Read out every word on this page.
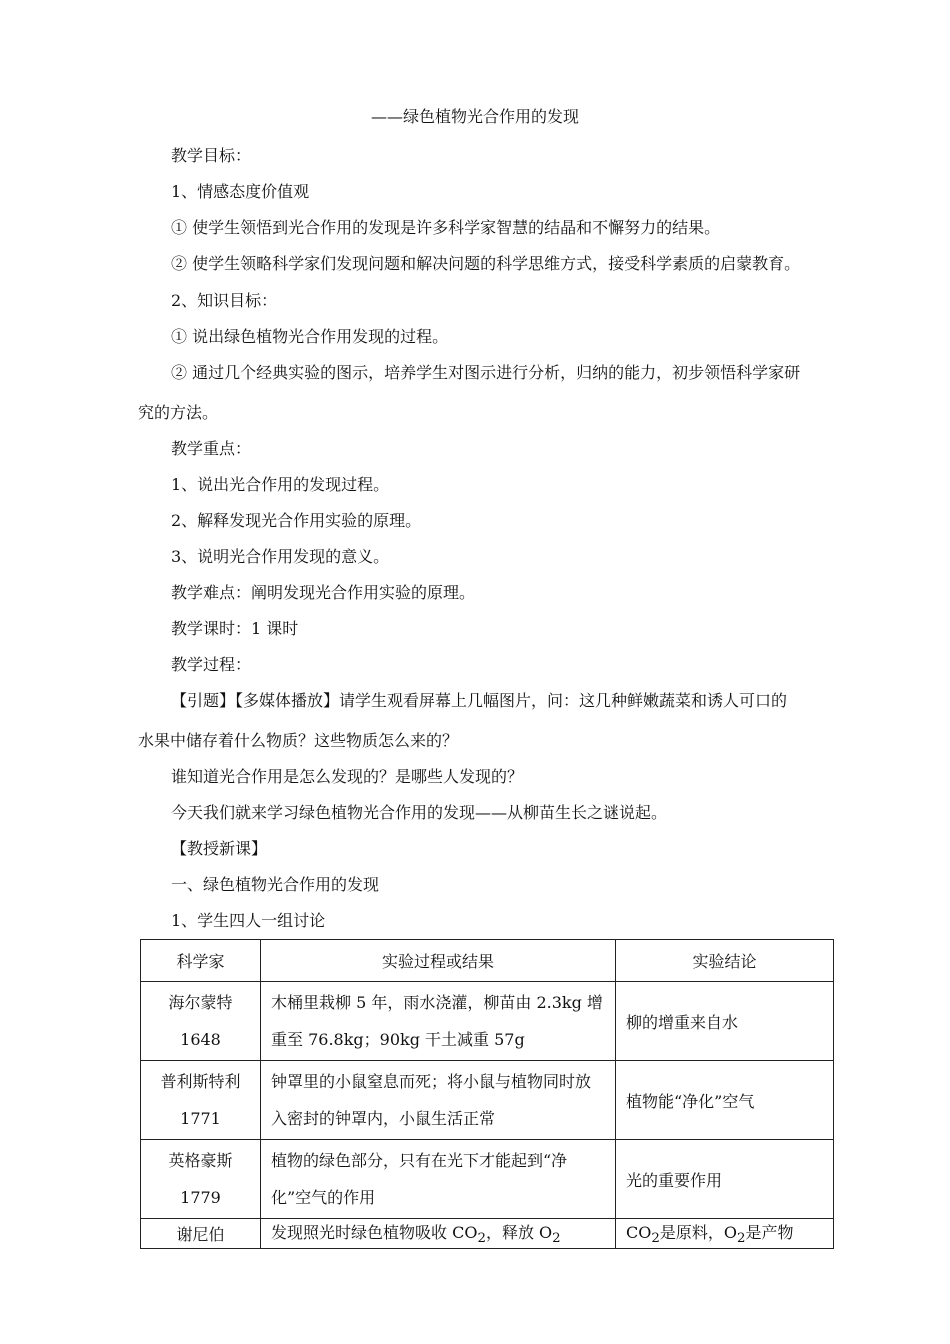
——绿色植物光合作用的发现
教学目标：
1、情感态度价值观
① 使学生领悟到光合作用的发现是许多科学家智慧的结晶和不懈努力的结果。
② 使学生领略科学家们发现问题和解决问题的科学思维方式，接受科学素质的启蒙教育。
2、知识目标：
① 说出绿色植物光合作用发现的过程。
② 通过几个经典实验的图示，培养学生对图示进行分析，归纳的能力，初步领悟科学家研
究的方法。
教学重点：
1、说出光合作用的发现过程。
2、解释发现光合作用实验的原理。
3、说明光合作用发现的意义。
教学难点：阐明发现光合作用实验的原理。
教学课时：1 课时
教学过程：
【引题】【多媒体播放】请学生观看屏幕上几幅图片，问：这几种鲜嫩蔬菜和诱人可口的
水果中储存着什么物质？这些物质怎么来的？
谁知道光合作用是怎么发现的？是哪些人发现的？
今天我们就来学习绿色植物光合作用的发现——从柳苗生长之谜说起。
【教授新课】
一、绿色植物光合作用的发现
1、学生四人一组讨论
科学家	实验过程或结果	实验结论

海尔蒙特
1648	木桶里栽柳 5 年，雨水浇灌，柳苗由 2.3kg 增
重至 76.8kg；90kg 干土减重 57g	柳的增重来自水

普利斯特利
1771	钟罩里的小鼠窒息而死；将小鼠与植物同时放
入密封的钟罩内，小鼠生活正常	植物能“净化”空气

英格豪斯
1779	植物的绿色部分，只有在光下才能起到“净
化”空气的作用	光的重要作用

谢尼伯	发现照光时绿色植物吸收 $CO_2$，释放 $O_2$	$CO_2$是原料，$O_2$是产物
